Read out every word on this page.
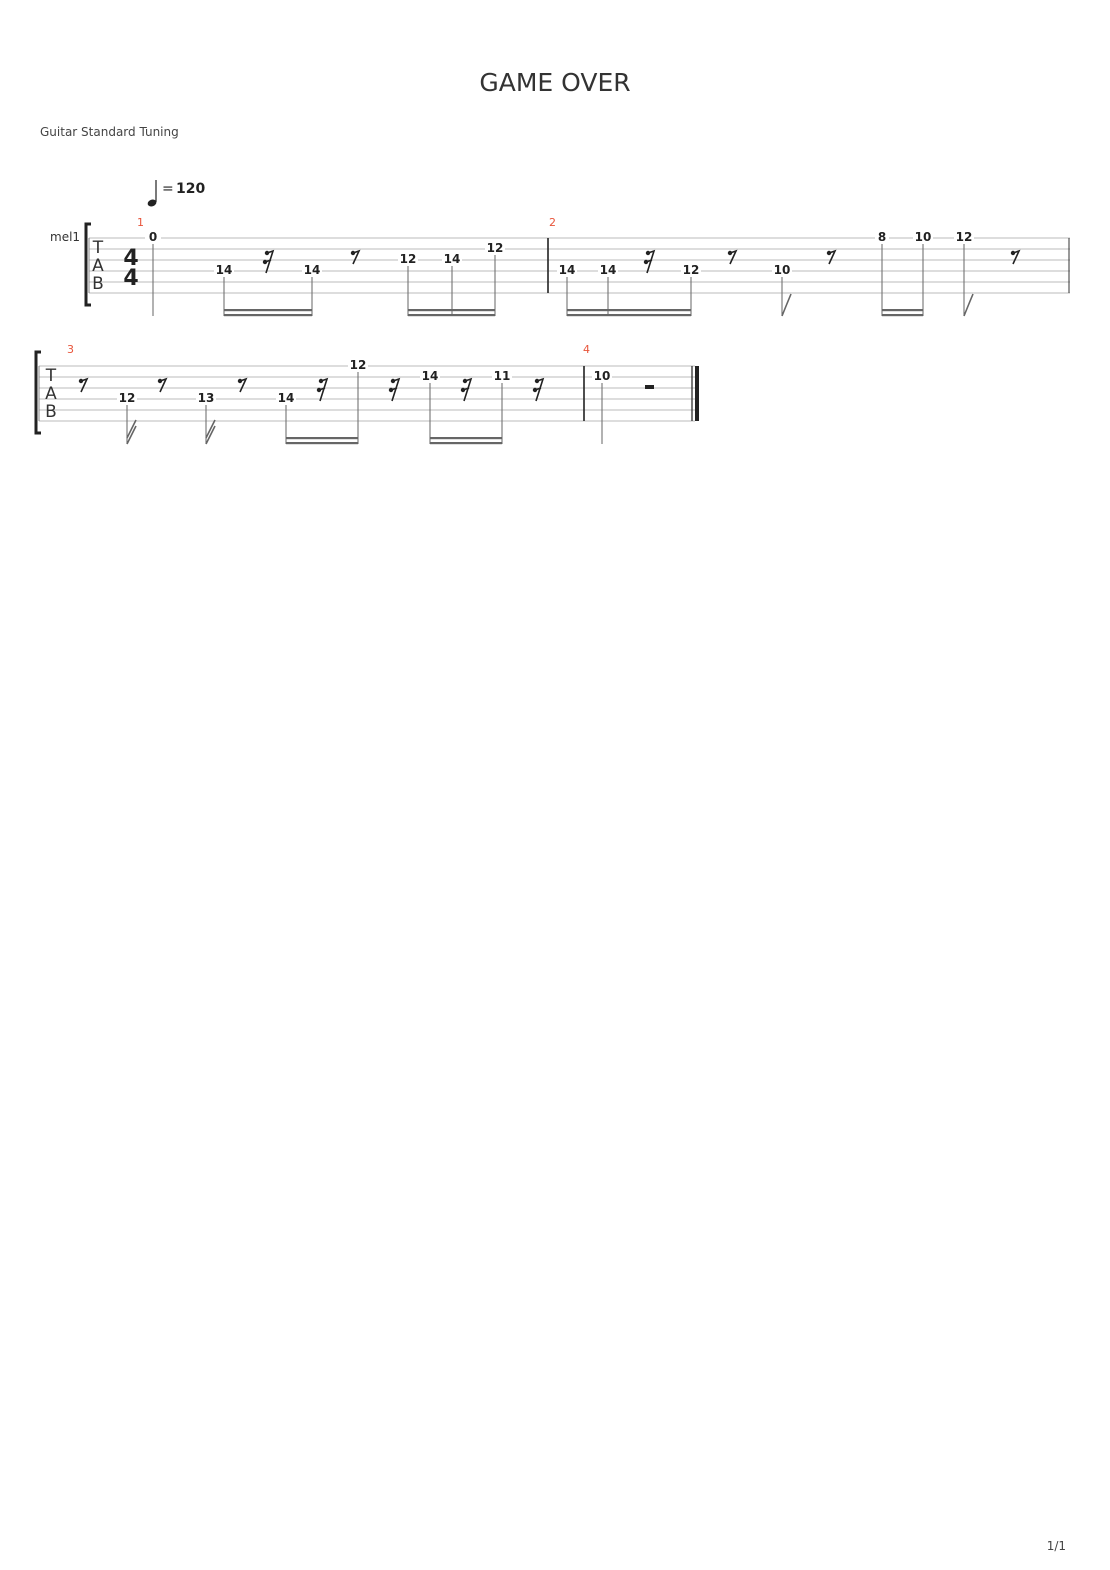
GAME OVER
Guitar Standard Tuning
1/1
= 120
mel1
T
A
B
4
4
1	2
0
14	14
12 14
12
14 14	12	10
8 10 12
T
A
B
3	4
12	13	14
12
14	11	10
